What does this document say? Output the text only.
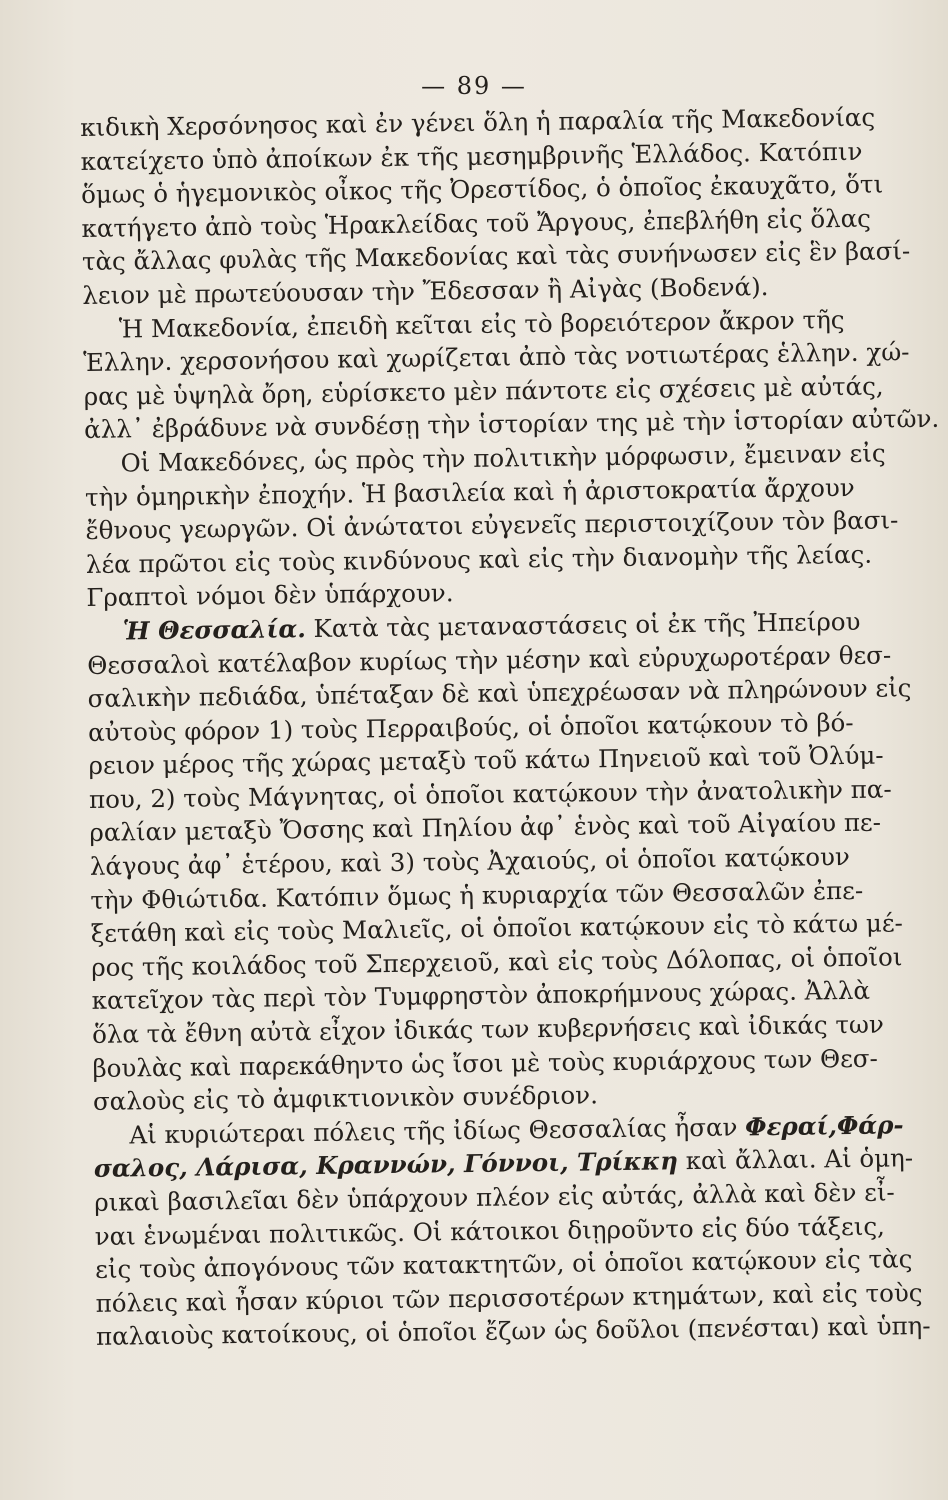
— 89 —
κιδικὴ Χερσόνησος καὶ ἐν γένει ὅλη ἡ παραλία τῆς Μακεδονίας
κατείχετο ὑπὸ ἀποίκων ἐκ τῆς μεσημβρινῆς Ἑλλάδος. Κατόπιν
ὅμως ὁ ἡγεμονικὸς οἶκος τῆς Ὀρεστίδος, ὁ ὁποῖος ἐκαυχᾶτο, ὅτι
κατήγετο ἀπὸ τοὺς Ἡρακλείδας τοῦ Ἄργους, ἐπεβλήθη εἰς ὅλας
τὰς ἄλλας φυλὰς τῆς Μακεδονίας καὶ τὰς συνήνωσεν εἰς ἓν βασί-
λειον μὲ πρωτεύουσαν τὴν Ἔδεσσαν ἢ Αἰγὰς (Βοδενά).
Ἡ Μακεδονία, ἐπειδὴ κεῖται εἰς τὸ βορειότερον ἄκρον τῆς
Ἑλλην. χερσονήσου καὶ χωρίζεται ἀπὸ τὰς νοτιωτέρας ἑλλην. χώ-
ρας μὲ ὑψηλὰ ὄρη, εὑρίσκετο μὲν πάντοτε εἰς σχέσεις μὲ αὐτάς,
ἀλλ᾿ ἐβράδυνε νὰ συνδέσῃ τὴν ἱστορίαν της μὲ τὴν ἱστορίαν αὐτῶν.
Οἱ Μακεδόνες, ὡς πρὸς τὴν πολιτικὴν μόρφωσιν, ἔμειναν εἰς
τὴν ὁμηρικὴν ἐποχήν. Ἡ βασιλεία καὶ ἡ ἀριστοκρατία ἄρχουν
ἔθνους γεωργῶν. Οἱ ἀνώτατοι εὐγενεῖς περιστοιχίζουν τὸν βασι-
λέα πρῶτοι εἰς τοὺς κινδύνους καὶ εἰς τὴν διανομὴν τῆς λείας.
Γραπτοὶ νόμοι δὲν ὑπάρχουν.
Ἡ Θεσσαλία. Κατὰ τὰς μεταναστάσεις οἱ ἐκ τῆς Ἠπείρου
Θεσσαλοὶ κατέλαβον κυρίως τὴν μέσην καὶ εὐρυχωροτέραν θεσ-
σαλικὴν πεδιάδα, ὑπέταξαν δὲ καὶ ὑπεχρέωσαν νὰ πληρώνουν εἰς
αὐτοὺς φόρον 1) τοὺς Περραιβούς, οἱ ὁποῖοι κατῴκουν τὸ βό-
ρειον μέρος τῆς χώρας μεταξὺ τοῦ κάτω Πηνειοῦ καὶ τοῦ Ὀλύμ-
που, 2) τοὺς Μάγνητας, οἱ ὁποῖοι κατῴκουν τὴν ἀνατολικὴν πα-
ραλίαν μεταξὺ Ὄσσης καὶ Πηλίου ἀφ᾿ ἑνὸς καὶ τοῦ Αἰγαίου πε-
λάγους ἀφ᾿ ἑτέρου, καὶ 3) τοὺς Ἀχαιούς, οἱ ὁποῖοι κατῴκουν
τὴν Φθιώτιδα. Κατόπιν ὅμως ἡ κυριαρχία τῶν Θεσσαλῶν ἐπε-
ξετάθη καὶ εἰς τοὺς Μαλιεῖς, οἱ ὁποῖοι κατῴκουν εἰς τὸ κάτω μέ-
ρος τῆς κοιλάδος τοῦ Σπερχειοῦ, καὶ εἰς τοὺς Δόλοπας, οἱ ὁποῖοι
κατεῖχον τὰς περὶ τὸν Τυμφρηστὸν ἀποκρήμνους χώρας. Ἀλλὰ
ὅλα τὰ ἔθνη αὐτὰ εἶχον ἰδικάς των κυβερνήσεις καὶ ἰδικάς των
βουλὰς καὶ παρεκάθηντο ὡς ἴσοι μὲ τοὺς κυριάρχους των Θεσ-
σαλοὺς εἰς τὸ ἀμφικτιονικὸν συνέδριον.
Αἱ κυριώτεραι πόλεις τῆς ἰδίως Θεσσαλίας ἦσαν Φεραί,Φάρ-
σαλος, Λάρισα, Κραννών, Γόννοι, Τρίκκη καὶ ἄλλαι. Αἱ ὁμη-
ρικαὶ βασιλεῖαι δὲν ὑπάρχουν πλέον εἰς αὐτάς, ἀλλὰ καὶ δὲν εἶ-
ναι ἑνωμέναι πολιτικῶς. Οἱ κάτοικοι διῃροῦντο εἰς δύο τάξεις,
εἰς τοὺς ἀπογόνους τῶν κατακτητῶν, οἱ ὁποῖοι κατῴκουν εἰς τὰς
πόλεις καὶ ἦσαν κύριοι τῶν περισσοτέρων κτημάτων, καὶ εἰς τοὺς
παλαιοὺς κατοίκους, οἱ ὁποῖοι ἔζων ὡς δοῦλοι (πενέσται) καὶ ὑπη-
